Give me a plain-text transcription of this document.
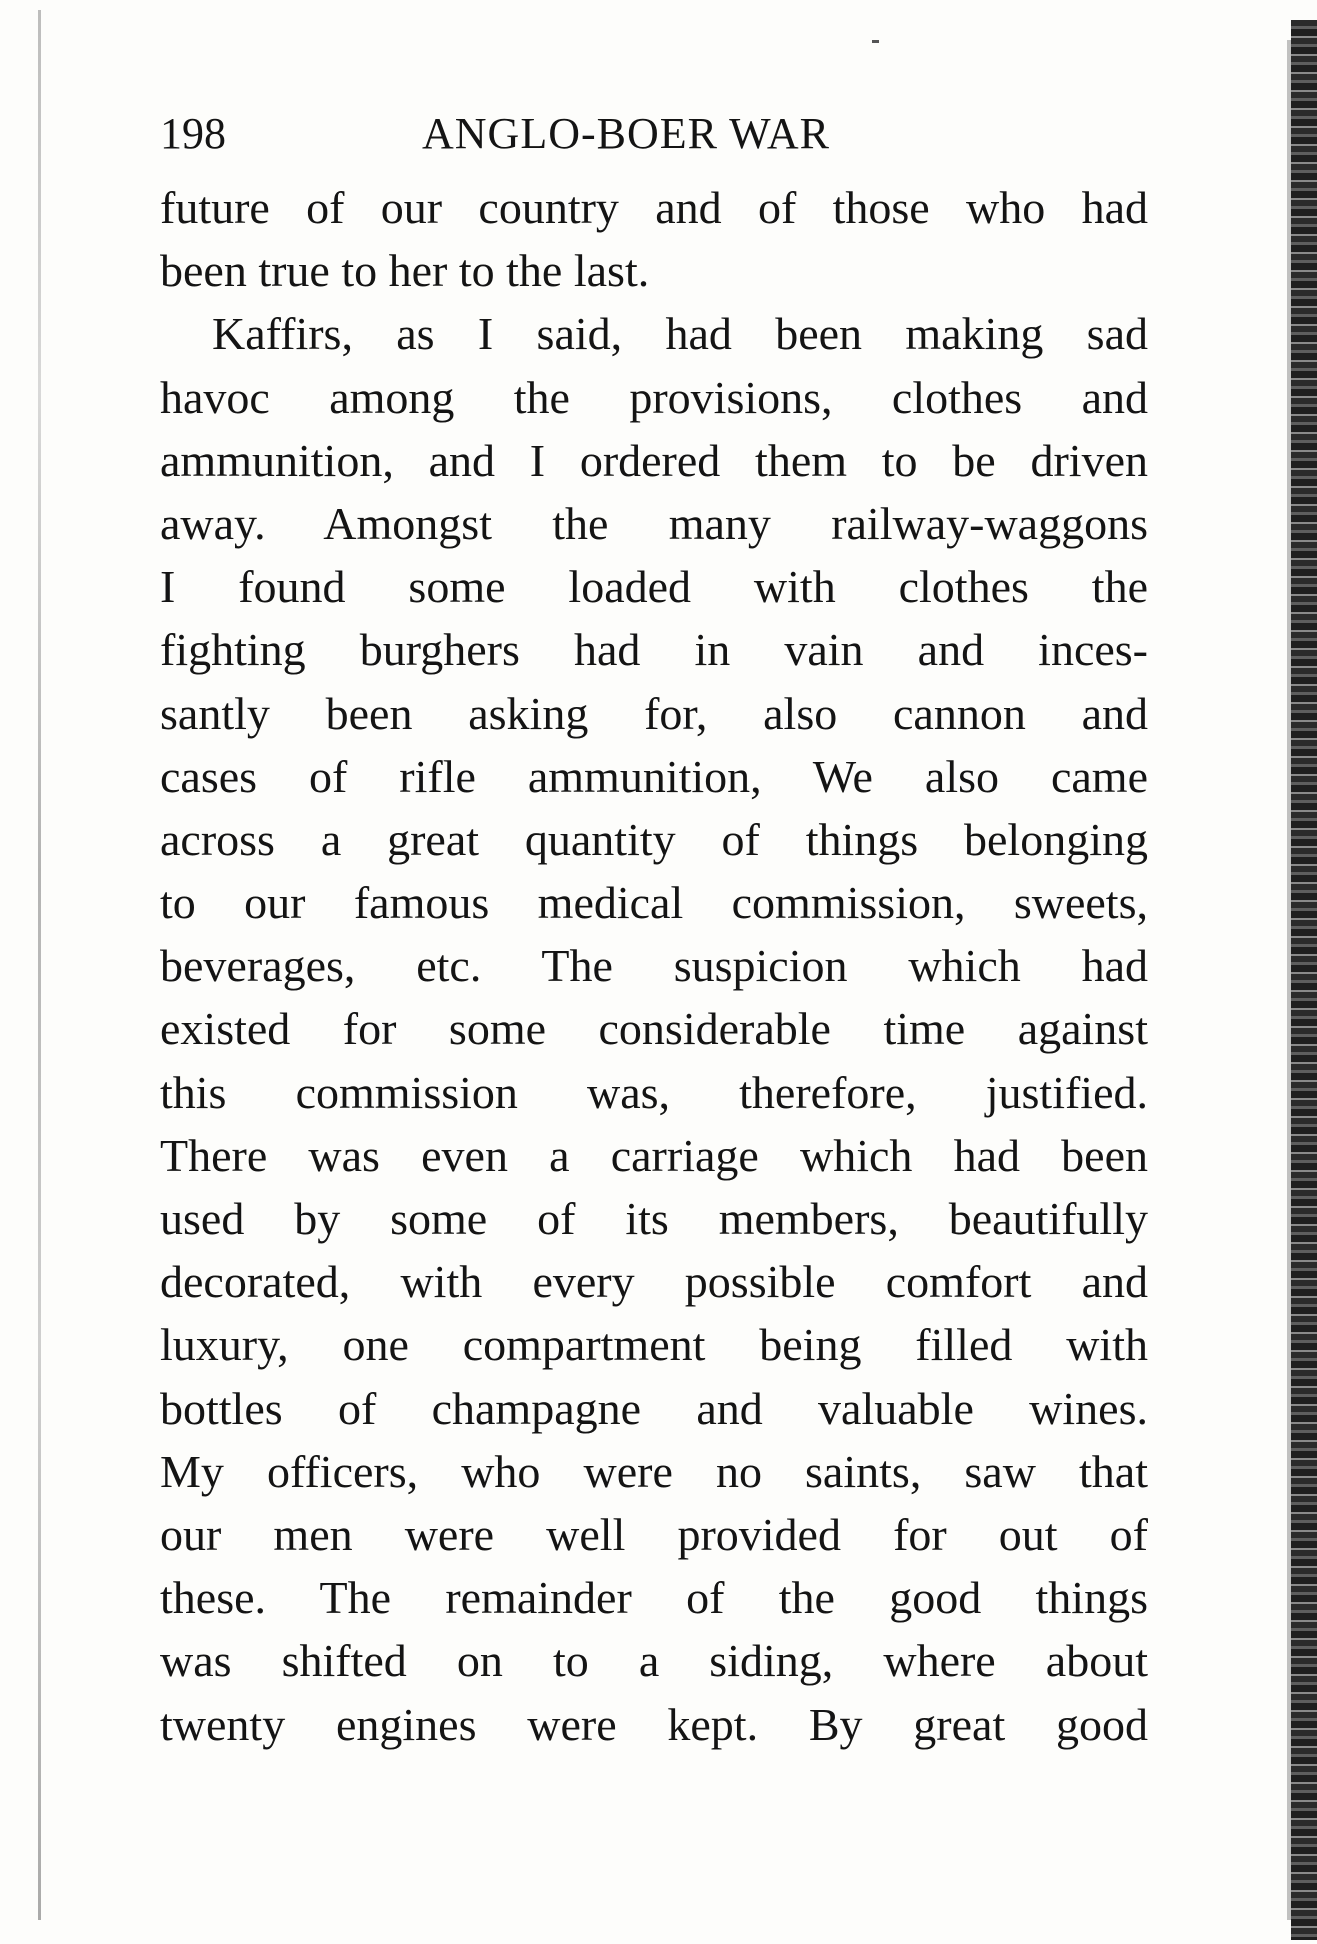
198	ANGLO-BOER WAR
future of our country and of those who had
been true to her to the last.
Kaffirs, as I said, had been making sad
havoc among the provisions, clothes and
ammunition, and I ordered them to be driven
away. Amongst the many railway-waggons
I found some loaded with clothes the
fighting burghers had in vain and inces-
santly been asking for, also cannon and
cases of rifle ammunition, We also came
across a great quantity of things belonging
to our famous medical commission, sweets,
beverages, etc. The suspicion which had
existed for some considerable time against
this commission was, therefore, justified.
There was even a carriage which had been
used by some of its members, beautifully
decorated, with every possible comfort and
luxury, one compartment being filled with
bottles of champagne and valuable wines.
My officers, who were no saints, saw that
our men were well provided for out of
these. The remainder of the good things
was shifted on to a siding, where about
twenty engines were kept. By great good
